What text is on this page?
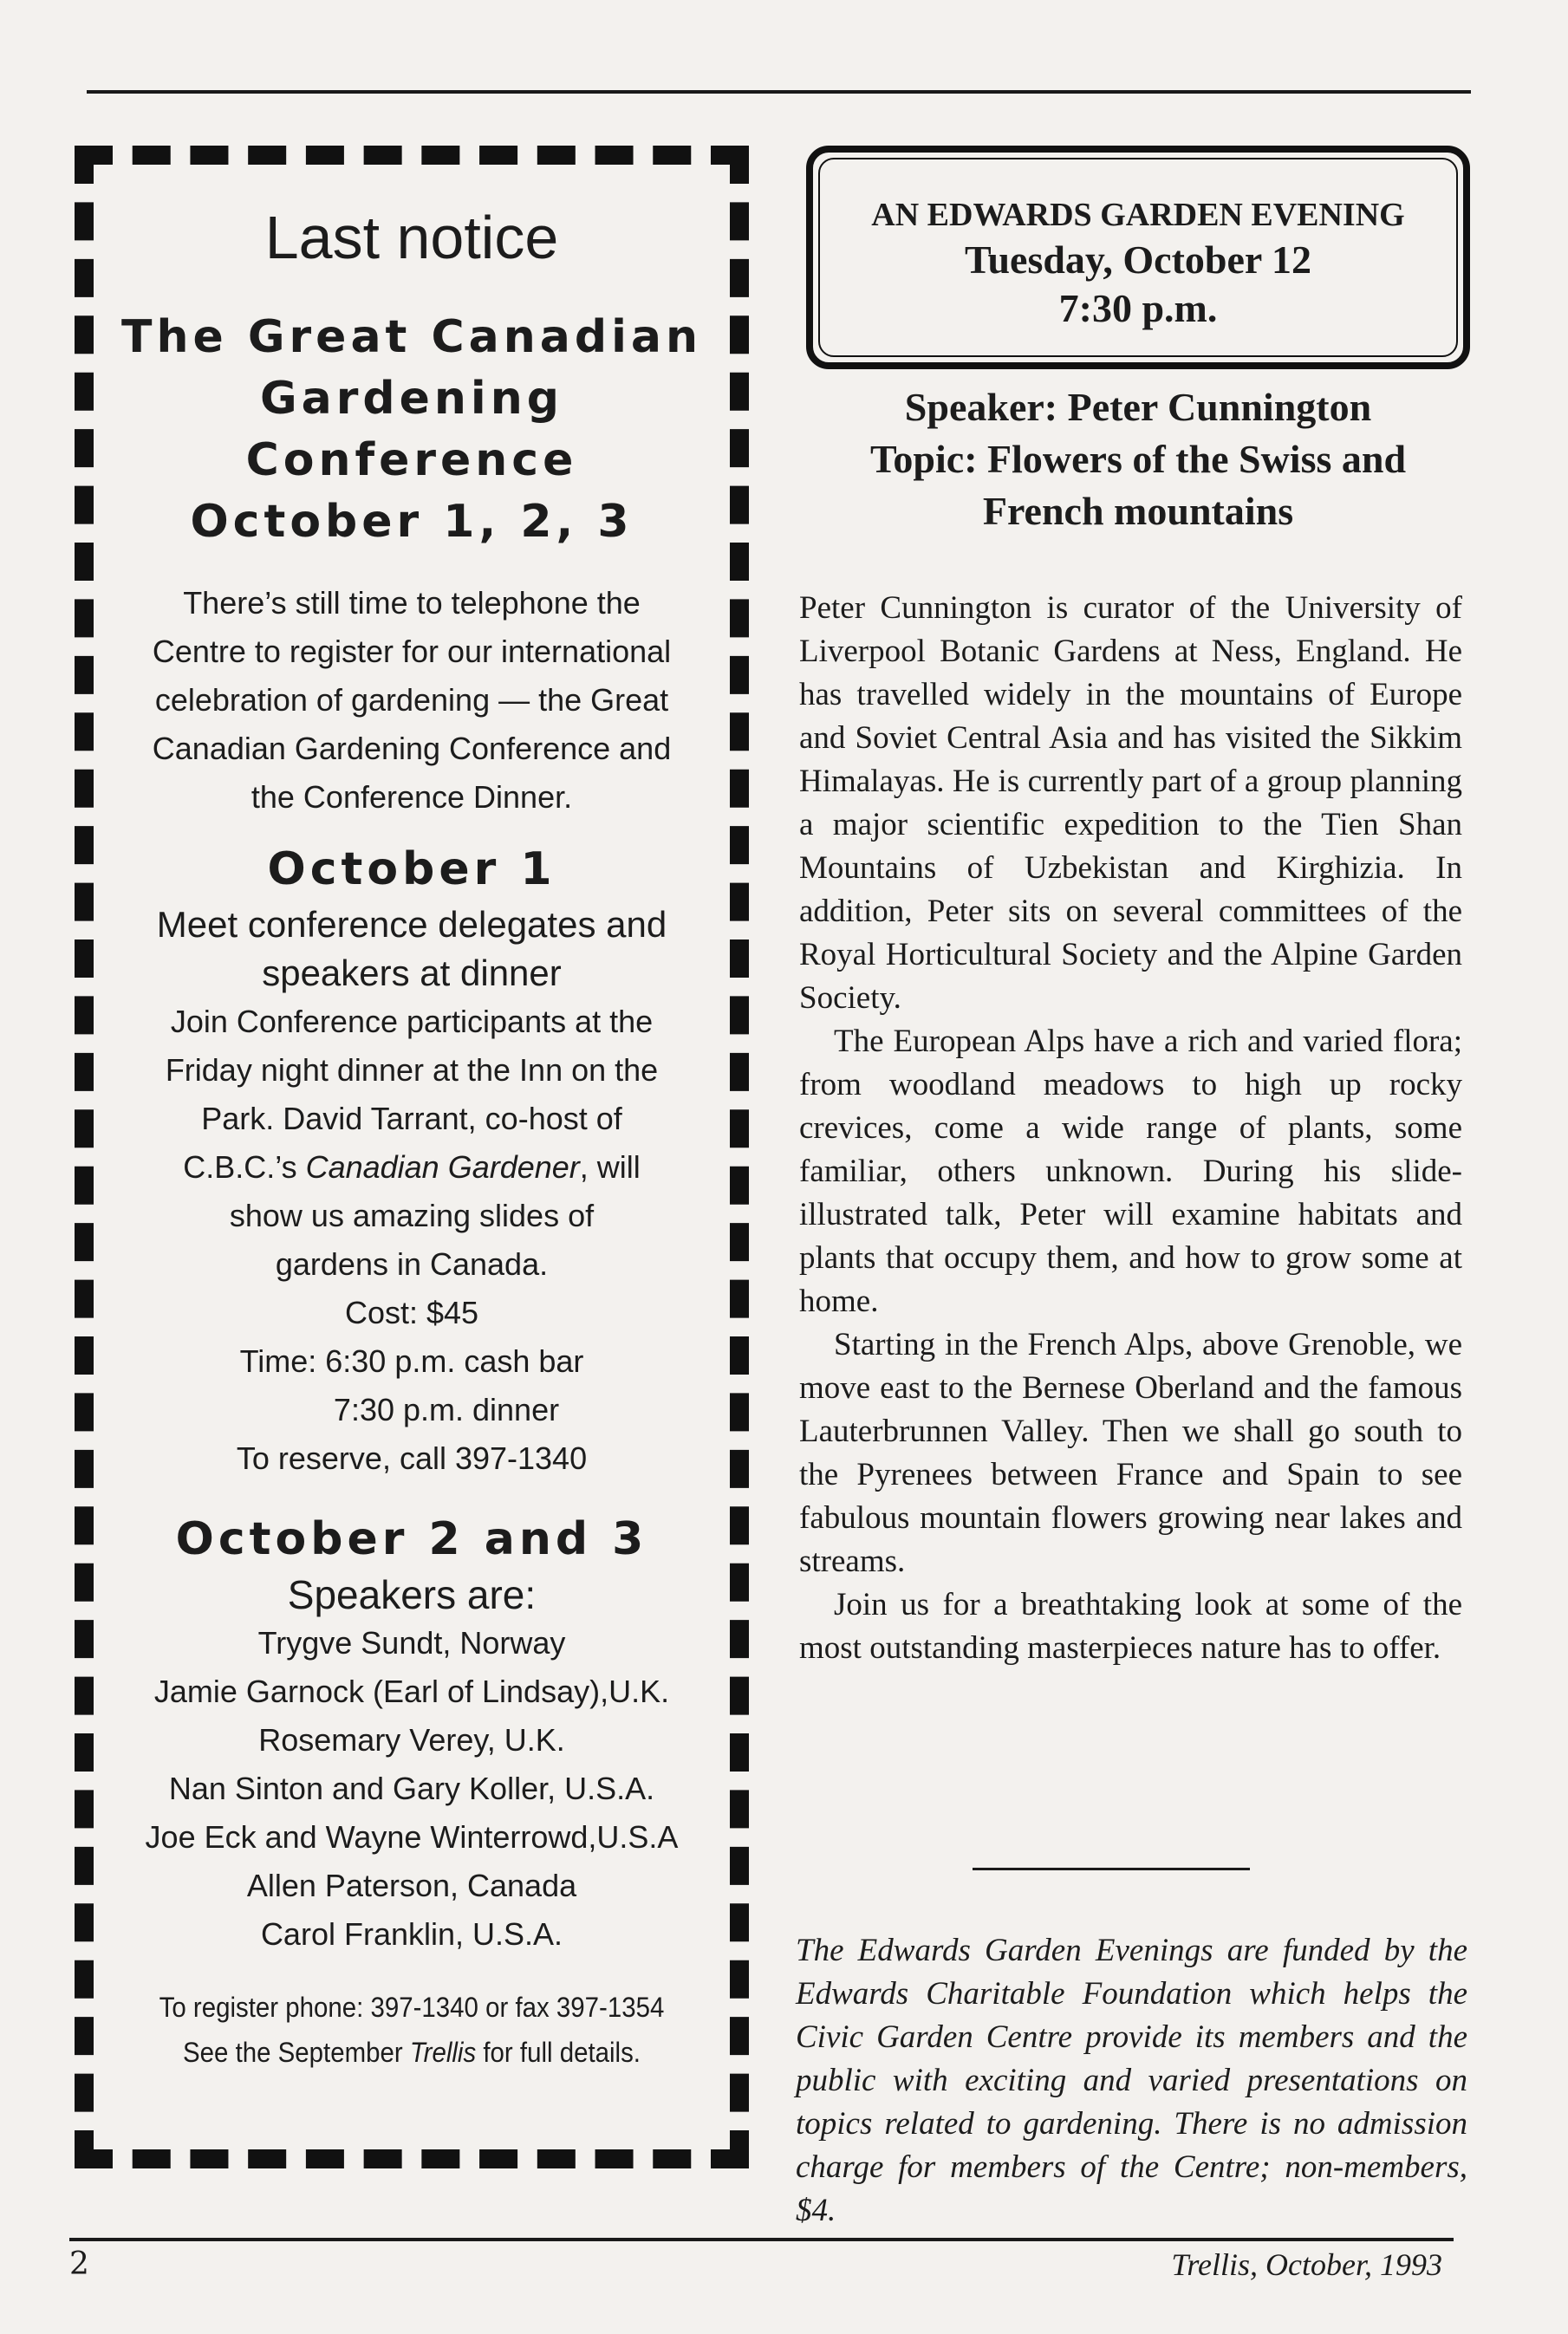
Last notice

The Great Canadian

Gardening

Conference

October 1, 2, 3

There’s still time to telephone the

Centre to register for our international

celebration of gardening — the Great

Canadian Gardening Conference and

the Conference Dinner.

October 1

Meet conference delegates and

speakers at dinner

Join Conference participants at the

Friday night dinner at the Inn on the

Park. David Tarrant, co-host of

C.B.C.’s Canadian Gardener, will

show us amazing slides of

gardens in Canada.

Cost: $45

Time: 6:30 p.m. cash bar

7:30 p.m. dinner

To reserve, call 397-1340

October 2 and 3

Speakers are:

Trygve Sundt, Norway

Jamie Garnock (Earl of Lindsay),U.K.

Rosemary Verey, U.K.

Nan Sinton and Gary Koller, U.S.A.

Joe Eck and Wayne Winterrowd,U.S.A

Allen Paterson, Canada

Carol Franklin, U.S.A.

To register phone: 397-1340 or fax 397-1354

See the September Trellis for full details.

AN EDWARDS GARDEN EVENING
Tuesday, October 12
7:30 p.m.
Speaker: Peter Cunnington
Topic: Flowers of the Swiss and
French mountains

Peter Cunnington is curator of the University of Liverpool Botanic Gardens at Ness, England. He has travelled widely in the mountains of Europe and Soviet Central Asia and has visited the Sikkim Himalayas. He is currently part of a group planning a major scientific expedition to the Tien Shan Mountains of Uzbekistan and Kirghizia. In addition, Peter sits on several committees of the Royal Horticultural Society and the Alpine Garden Society.

The European Alps have a rich and varied flora; from woodland meadows to high up rocky crevices, come a wide range of plants, some familiar, others unknown. During his slide-illustrated talk, Peter will examine habitats and plants that occupy them, and how to grow some at home.

Starting in the French Alps, above Grenoble, we move east to the Bernese Oberland and the famous Lauterbrunnen Valley. Then we shall go south to the Pyrenees between France and Spain to see fabulous mountain flowers growing near lakes and streams.

Join us for a breathtaking look at some of the most outstanding masterpieces nature has to offer.

The Edwards Garden Evenings are funded by the Edwards Charitable Foundation which helps the Civic Garden Centre provide its members and the public with exciting and varied presentations on topics related to gardening. There is no admission charge for members of the Centre; non-members, $4.
2	Trellis, October, 1993
